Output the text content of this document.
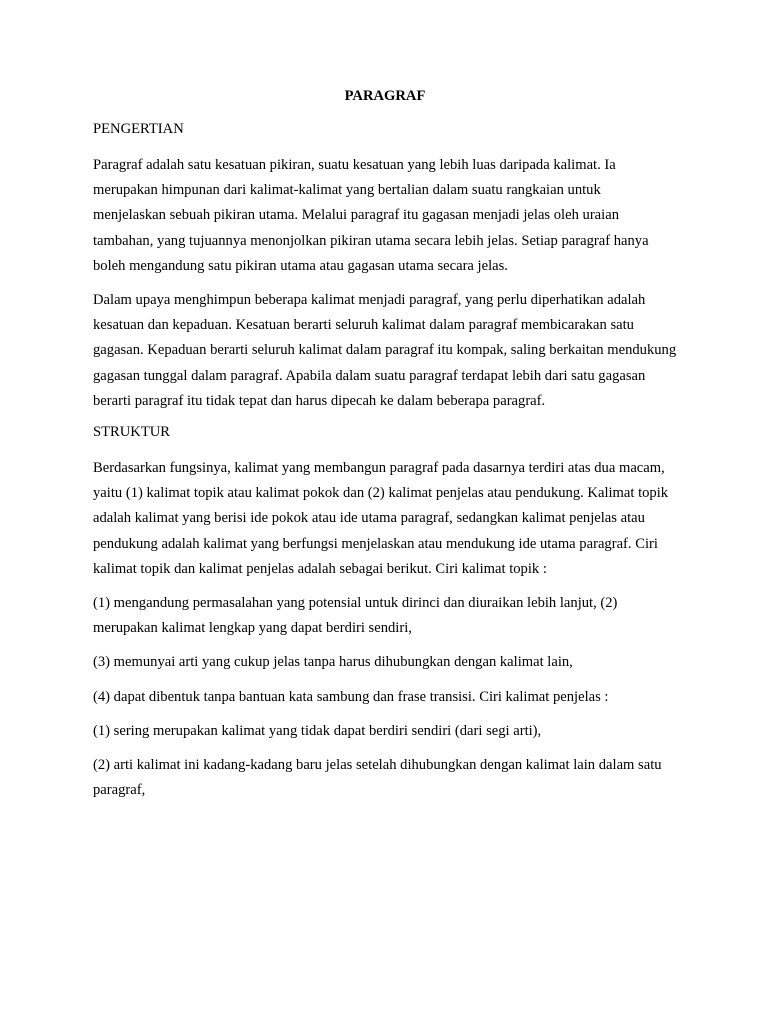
PARAGRAF
PENGERTIAN

Paragraf adalah satu kesatuan pikiran, suatu kesatuan yang lebih luas daripada kalimat. Ia merupakan himpunan dari kalimat-kalimat yang bertalian dalam suatu rangkaian untuk menjelaskan sebuah pikiran utama. Melalui paragraf itu gagasan menjadi jelas oleh uraian tambahan, yang tujuannya menonjolkan pikiran utama secara lebih jelas. Setiap paragraf hanya boleh mengandung satu pikiran utama atau gagasan utama secara jelas.

Dalam upaya menghimpun beberapa kalimat menjadi paragraf, yang perlu diperhatikan adalah kesatuan dan kepaduan. Kesatuan berarti seluruh kalimat dalam paragraf membicarakan satu gagasan. Kepaduan berarti seluruh kalimat dalam paragraf itu kompak, saling berkaitan mendukung gagasan tunggal dalam paragraf. Apabila dalam suatu paragraf terdapat lebih dari satu gagasan berarti paragraf itu tidak tepat dan harus dipecah ke dalam beberapa paragraf.

STRUKTUR

Berdasarkan fungsinya, kalimat yang membangun paragraf pada dasarnya terdiri atas dua macam, yaitu (1) kalimat topik atau kalimat pokok dan (2) kalimat penjelas atau pendukung. Kalimat topik adalah kalimat yang berisi ide pokok atau ide utama paragraf, sedangkan kalimat penjelas atau pendukung adalah kalimat yang berfungsi menjelaskan atau mendukung ide utama paragraf. Ciri kalimat topik dan kalimat penjelas adalah sebagai berikut. Ciri kalimat topik :

(1) mengandung permasalahan yang potensial untuk dirinci dan diuraikan lebih lanjut, (2) merupakan kalimat lengkap yang dapat berdiri sendiri,

(3) memunyai arti yang cukup jelas tanpa harus dihubungkan dengan kalimat lain,

(4) dapat dibentuk tanpa bantuan kata sambung dan frase transisi. Ciri kalimat penjelas :

(1) sering merupakan kalimat yang tidak dapat berdiri sendiri (dari segi arti),

(2) arti kalimat ini kadang-kadang baru jelas setelah dihubungkan dengan kalimat lain dalam satu paragraf,
